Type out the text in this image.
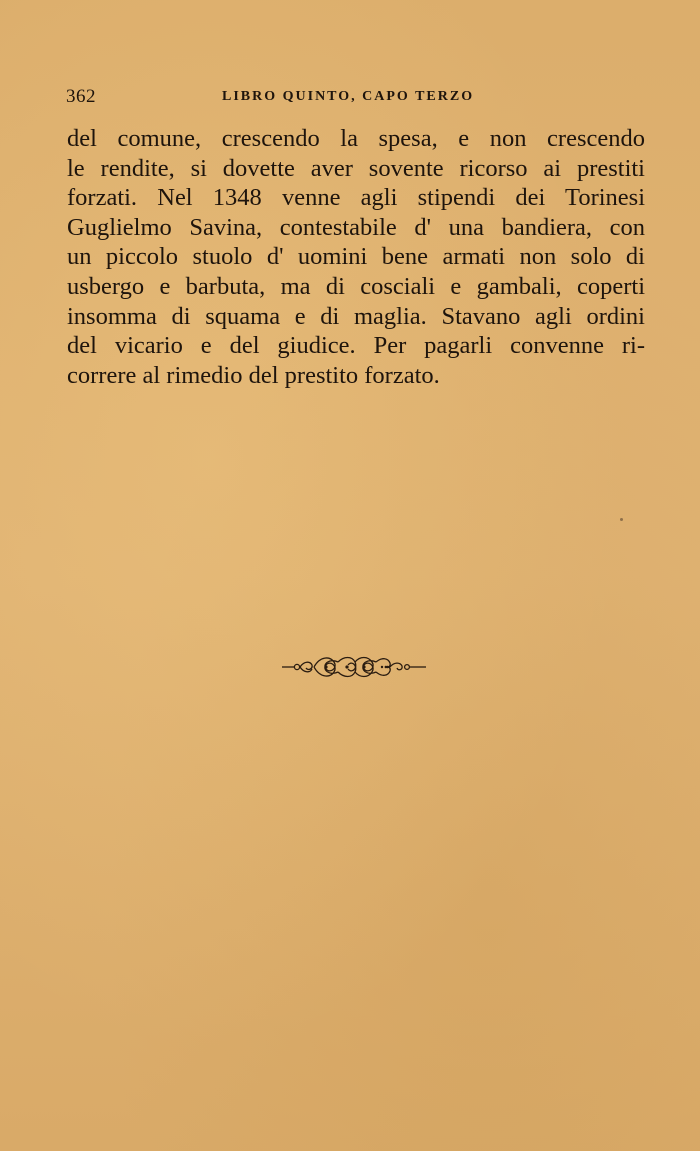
362	LIBRO QUINTO, CAPO TERZO
del comune, crescendo la spesa, e non crescendo
le rendite, si dovette aver sovente ricorso ai prestiti
forzati. Nel 1348 venne agli stipendi dei Torinesi
Guglielmo Savina, contestabile d' una bandiera, con
un piccolo stuolo d' uomini bene armati non solo di
usbergo e barbuta, ma di cosciali e gambali, coperti
insomma di squama e di maglia. Stavano agli ordini
del vicario e del giudice. Per pagarli convenne ri-
correre al rimedio del prestito forzato.
